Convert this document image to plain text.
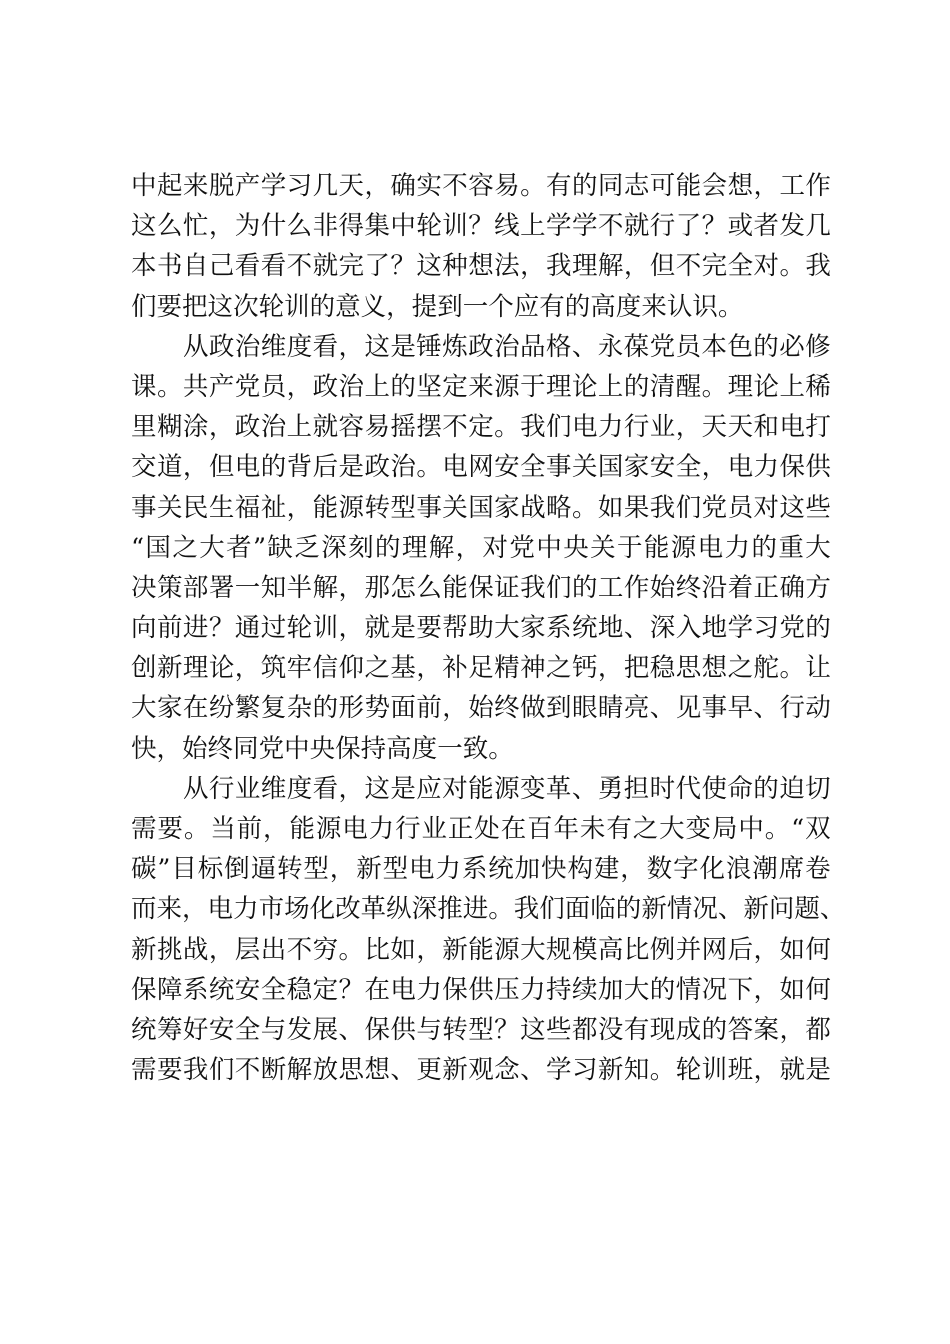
中 起 来 脱 产 学 习 几 天 ， 确 实 不 容 易 。 有 的 同 志 可 能 会 想 ， 工 作
这 么 忙 ， 为 什 么 非 得 集 中 轮 训 ？ 线 上 学 学 不 就 行 了 ？ 或 者 发 几
本 书 自 己 看 看 不 就 完 了 ？ 这 种 想 法 ， 我 理 解 ， 但 不 完 全 对 。 我
们 要 把 这 次 轮 训 的 意 义 ， 提 到 一 个 应 有 的 高 度 来 认 识 。
从 政 治 维 度 看 ， 这 是 锤 炼 政 治 品 格 、 永 葆 党 员 本 色 的 必 修
课 。 共 产 党 员 ， 政 治 上 的 坚 定 来 源 于 理 论 上 的 清 醒 。 理 论 上 稀
里 糊 涂 ， 政 治 上 就 容 易 摇 摆 不 定 。 我 们 电 力 行 业 ， 天 天 和 电 打
交 道 ， 但 电 的 背 后 是 政 治 。 电 网 安 全 事 关 国 家 安 全 ， 电 力 保 供
事 关 民 生 福 祉 ， 能 源 转 型 事 关 国 家 战 略 。 如 果 我 们 党 员 对 这 些
“ 国 之 大 者 ” 缺 乏 深 刻 的 理 解 ， 对 党 中 央 关 于 能 源 电 力 的 重 大
决 策 部 署 一 知 半 解 ， 那 怎 么 能 保 证 我 们 的 工 作 始 终 沿 着 正 确 方
向 前 进 ？ 通 过 轮 训 ， 就 是 要 帮 助 大 家 系 统 地 、 深 入 地 学 习 党 的
创 新 理 论 ， 筑 牢 信 仰 之 基 ， 补 足 精 神 之 钙 ， 把 稳 思 想 之 舵 。 让
大 家 在 纷 繁 复 杂 的 形 势 面 前 ， 始 终 做 到 眼 睛 亮 、 见 事 早 、 行 动
快 ， 始 终 同 党 中 央 保 持 高 度 一 致 。
从 行 业 维 度 看 ， 这 是 应 对 能 源 变 革 、 勇 担 时 代 使 命 的 迫 切
需 要 。 当 前 ， 能 源 电 力 行 业 正 处 在 百 年 未 有 之 大 变 局 中 。 “ 双
碳 ” 目 标 倒 逼 转 型 ， 新 型 电 力 系 统 加 快 构 建 ， 数 字 化 浪 潮 席 卷
而 来 ， 电 力 市 场 化 改 革 纵 深 推 进 。 我 们 面 临 的 新 情 况 、 新 问 题 、
新 挑 战 ， 层 出 不 穷 。 比 如 ， 新 能 源 大 规 模 高 比 例 并 网 后 ， 如 何
保 障 系 统 安 全 稳 定 ？ 在 电 力 保 供 压 力 持 续 加 大 的 情 况 下 ， 如 何
统 筹 好 安 全 与 发 展 、 保 供 与 转 型 ？ 这 些 都 没 有 现 成 的 答 案 ， 都
需 要 我 们 不 断 解 放 思 想 、 更 新 观 念 、 学 习 新 知 。 轮 训 班 ， 就 是
